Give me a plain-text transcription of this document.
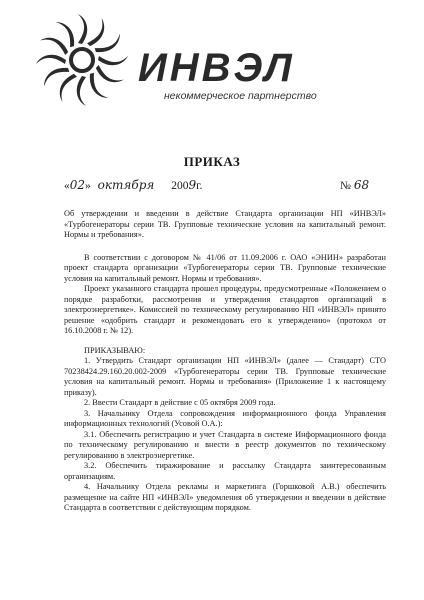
ИНВЭЛ
некоммерческое партнерство
ПРИКАЗ
«02» октября 2009г.	№ 68

Об утверждении и введении в действие Стандарта организации НП «ИНВЭЛ» «Турбогенераторы серии ТВ. Групповые технические условия на капитальный ремонт. Нормы и требования».

В соответствии с договором № 41/06 от 11.09.2006 г. ОАО «ЭНИН» разработан проект стандарта организации «Турбогенераторы серии ТВ. Групповые технические условия на капитальный ремонт. Нормы и требования».

Проект указанного стандарта прошел процедуры, предусмотренные «Положением о порядке разработки, рассмотрения и утверждения стандартов организаций в электроэнергетике». Комиссией по техническому регулированию НП «ИНВЭЛ» принято решение «одобрить стандарт и рекомендовать его к утверждению» (протокол от 16.10.2008 г. № 12).

ПРИКАЗЫВАЮ:

1. Утвердить Стандарт организации НП «ИНВЭЛ» (далее — Стандарт) СТО 70238424.29.160.20.002-2009 «Турбогенераторы серии ТВ. Групповые технические условия на капитальный ремонт. Нормы и требования» (Приложение 1 к настоящему приказу).

2. Ввести Стандарт в действие с 05 октября 2009 года.

3. Начальнику Отдела сопровождения информационного фонда Управления информационных технологий (Усовой О.А.):

3.1. Обеспечить регистрацию и учет Стандарта в системе Информационного фонда по техническому регулированию и внести в реестр документов по техническому регулированию в электроэнергетике.

3.2. Обеспечить тиражирование и рассылку Стандарта заинтересованным организациям.

4. Начальнику Отдела рекламы и маркетинга (Горшковой А.В.) обеспечить размещение на сайте НП «ИНВЭЛ» уведомления об утверждении и введении в действие Стандарта в соответствии с действующим порядком.
